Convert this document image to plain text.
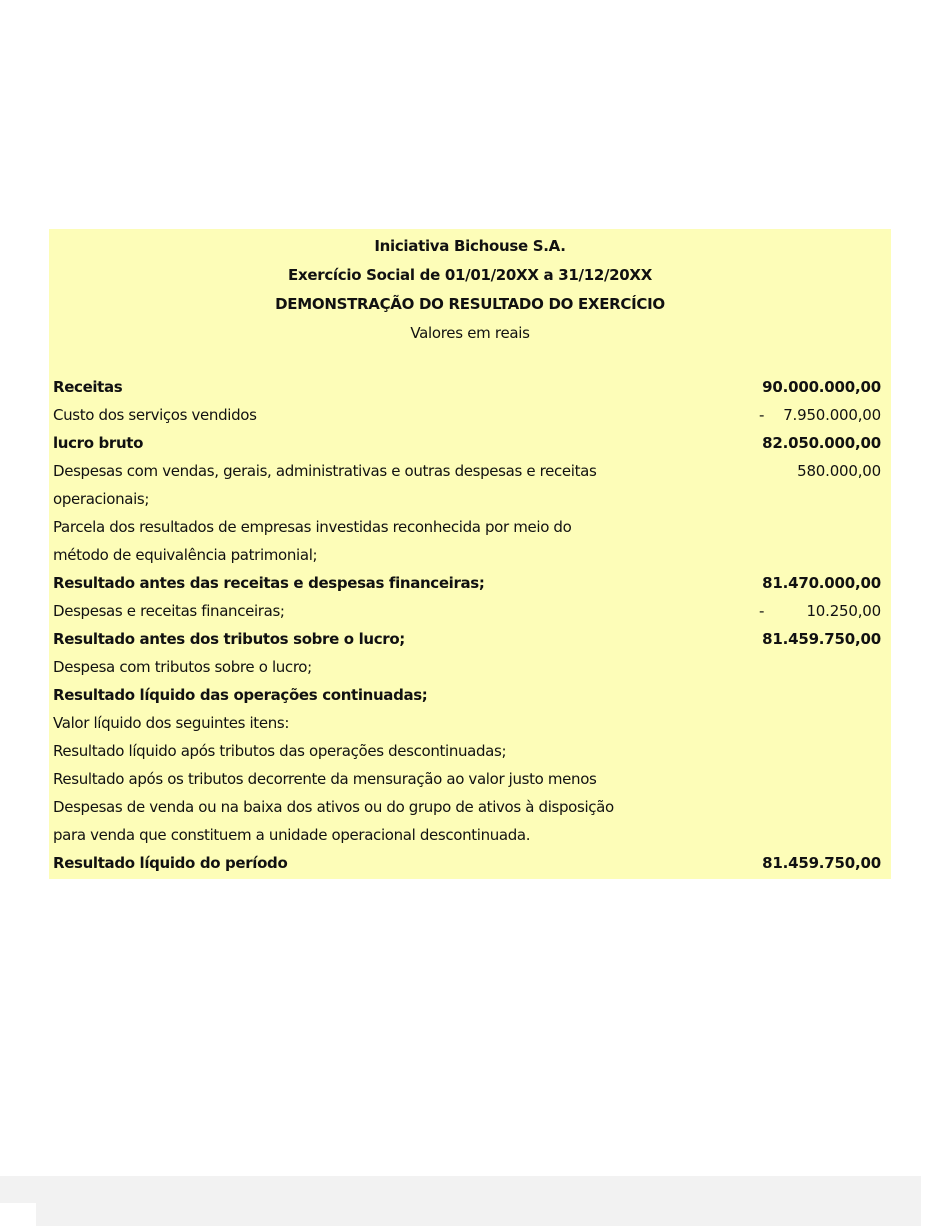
Iniciativa Bichouse S.A.
Exercício Social de 01/01/20XX a 31/12/20XX
DEMONSTRAÇÃO DO RESULTADO DO EXERCÍCIO
Valores em reais
Receitas	90.000.000,00
Custo dos serviços vendidos	-	7.950.000,00
lucro bruto	82.050.000,00
Despesas com vendas, gerais, administrativas e outras despesas e receitas	580.000,00
operacionais;
Parcela dos resultados de empresas investidas reconhecida por meio do
método de equivalência patrimonial;
Resultado antes das receitas e despesas financeiras;	81.470.000,00
Despesas e receitas financeiras;	-	10.250,00
Resultado antes dos tributos sobre o lucro;	81.459.750,00
Despesa com tributos sobre o lucro;
Resultado líquido das operações continuadas;
Valor líquido dos seguintes itens:
Resultado líquido após tributos das operações descontinuadas;
Resultado após os tributos decorrente da mensuração ao valor justo menos
Despesas de venda ou na baixa dos ativos ou do grupo de ativos à disposição
para venda que constituem a unidade operacional descontinuada.
Resultado líquido do período	81.459.750,00
